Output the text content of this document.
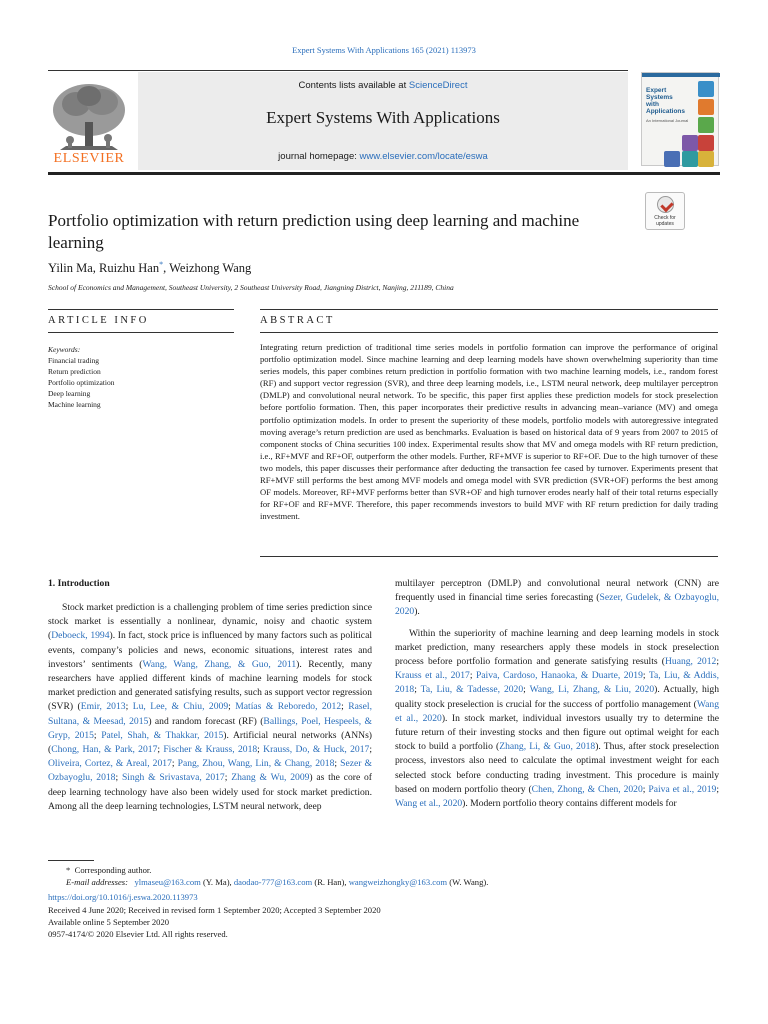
Expert Systems With Applications 165 (2021) 113973
ELSEVIER
Contents lists available at ScienceDirect
Expert Systems With Applications
journal homepage: www.elsevier.com/locate/eswa
Expert
Systems
with
Applications
An International Journal
Portfolio optimization with return prediction using deep learning and machine learning
Check for
updates
Yilin Ma, Ruizhu Han*, Weizhong Wang
School of Economics and Management, Southeast University, 2 Southeast University Road, Jiangning District, Nanjing, 211189, China
ARTICLE INFO	ABSTRACT
Keywords:
Financial trading
Return prediction
Portfolio optimization
Deep learning
Machine learning
Integrating return prediction of traditional time series models in portfolio formation can improve the performance of original portfolio optimization model. Since machine learning and deep learning models have shown overwhelming superiority than time series models, this paper combines return prediction in portfolio formation with two machine learning models, i.e., random forest (RF) and support vector regression (SVR), and three deep learning models, i.e., LSTM neural network, deep multilayer perceptron (DMLP) and convolutional neural network. To be specific, this paper first applies these prediction models for stock preselection before portfolio formation. Then, this paper incorporates their predictive results in advancing mean–variance (MV) and omega portfolio optimization models. In order to present the superiority of these models, portfolio models with autoregressive integrated moving average’s return prediction are used as benchmarks. Evaluation is based on historical data of 9 years from 2007 to 2015 of component stocks of China securities 100 index. Experimental results show that MV and omega models with RF return prediction, i.e., RF+MVF and RF+OF, outperform the other models. Further, RF+MVF is superior to RF+OF. Due to the high turnover of these two models, this paper discusses their performance after deducting the transaction fee cased by turnover. Experiments present that RF+MVF still performs the best among MVF models and omega model with SVR prediction (SVR+OF) performs the best among OF models. Moreover, RF+MVF performs better than SVR+OF and high turnover erodes nearly half of their total returns especially for RF+OF and RF+MVF. Therefore, this paper recommends investors to build MVF with RF return prediction for daily trading investment.
1. Introduction

Stock market prediction is a challenging problem of time series prediction since stock market is essentially a nonlinear, dynamic, noisy and chaotic system (Deboeck, 1994). In fact, stock price is influenced by many factors such as political events, company’s policies and news, economic situations, interest rates and investors’ sentiments (Wang, Wang, Zhang, & Guo, 2011). Recently, many researchers have applied different kinds of machine learning models for stock market prediction and generated satisfying results, such as support vector regression (SVR) (Emir, 2013; Lu, Lee, & Chiu, 2009; Matías & Reboredo, 2012; Rasel, Sultana, & Meesad, 2015) and random forecast (RF) (Ballings, Poel, Hespeels, & Gryp, 2015; Patel, Shah, & Thakkar, 2015). Artificial neural networks (ANNs) (Chong, Han, & Park, 2017; Fischer & Krauss, 2018; Krauss, Do, & Huck, 2017; Oliveira, Cortez, & Areal, 2017; Pang, Zhou, Wang, Lin, & Chang, 2018; Sezer & Ozbayoglu, 2018; Singh & Srivastava, 2017; Zhang & Wu, 2009) as the core of deep learning technology have also been widely used for stock market prediction. Among all the deep learning technologies, LSTM neural network, deep

multilayer perceptron (DMLP) and convolutional neural network (CNN) are frequently used in financial time series forecasting (Sezer, Gudelek, & Ozbayoglu, 2020).

Within the superiority of machine learning and deep learning models in stock market prediction, many researchers apply these models in stock preselection process before portfolio formation and generate satisfying results (Huang, 2012; Krauss et al., 2017; Paiva, Cardoso, Hanaoka, & Duarte, 2019; Ta, Liu, & Addis, 2018; Ta, Liu, & Tadesse, 2020; Wang, Li, Zhang, & Liu, 2020). Actually, high quality stock preselection is crucial for the success of portfolio management (Wang et al., 2020). In stock market, individual investors usually try to determine the future return of their investing stocks and then figure out optimal weight for each stock to build a portfolio (Zhang, Li, & Guo, 2018). Thus, after stock preselection process, investors also need to calculate the optimal investment weight for each selected stock before conducting trading investment. This procedure is mainly based on modern portfolio theory (Chen, Zhong, & Chen, 2020; Paiva et al., 2019; Wang et al., 2020). Modern portfolio theory contains different models for

* Corresponding author.
E-mail addresses: ylmaseu@163.com (Y. Ma), daodao-777@163.com (R. Han), wangweizhongky@163.com (W. Wang).
https://doi.org/10.1016/j.eswa.2020.113973
Received 4 June 2020; Received in revised form 1 September 2020; Accepted 3 September 2020
Available online 5 September 2020
0957-4174/© 2020 Elsevier Ltd. All rights reserved.
